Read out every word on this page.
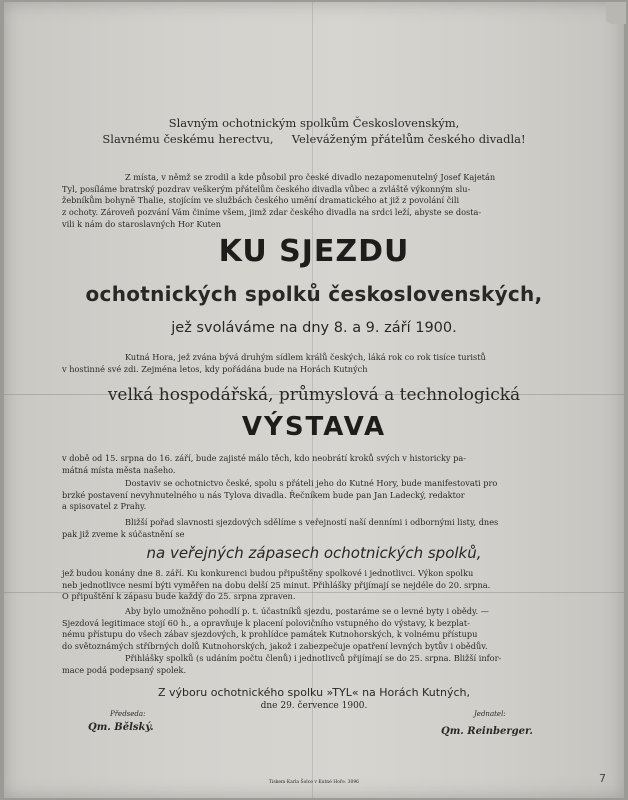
Slavným ochotnickým spolkům Československým,
Slavnému českému herectvu,     Veleváženým přátelům českého divadla!
Z místa, v němž se zrodil a kde působil pro české divadlo nezapomenutelný Josef Kajetán
Tyl, posíláme bratrský pozdrav veškerým přátelům českého divadla vůbec a zvláště výkonným slu-
žebníkům bohyně Thalie, stojícím ve službách českého umění dramatického at již z povolání čili
z ochoty. Zároveň pozvání Vám činíme všem, jimž zdar českého divadla na srdci leží, abyste se dosta-
vili k nám do staroslavných Hor Kuten
KU SJEZDU
ochotnických spolků československých,
jež svoláváme na dny 8. a 9. září 1900.
Kutná Hora, jež zvána bývá druhým sídlem králů českých, láká rok co rok tisíce turistů
v hostinné své zdi. Zejména letos, kdy pořádána bude na Horách Kutných
velká hospodářská, průmyslová a technologická
VÝSTAVA
v době od 15. srpna do 16. září, bude zajisté málo těch, kdo neobrátí kroků svých v historicky pa-
mátná místa města našeho.
Dostaviv se ochotnictvo české, spolu s přáteli jeho do Kutné Hory, bude manifestovati pro
brzké postavení nevyhnutelného u nás Tylova divadla. Řečníkem bude pan Jan Ladecký, redaktor
a spisovatel z Prahy.
Bližší pořad slavnosti sjezdových sdělíme s veřejností naší denními i odbornými listy, dnes
pak již zveme k súčastnění se
na veřejných zápasech ochotnických spolků,
jež budou konány dne 8. září. Ku konkurenci budou připuštěny spolkové i jednotlivci. Výkon spolku
neb jednotlivce nesmí býti vyměřen na dobu delší 25 minut. Přihlášky přijímají se nejdéle do 20. srpna.
O připuštění k zápasu bude každý do 25. srpna zpraven.
Aby bylo umožněno pohodlí p. t. účastníků sjezdu, postaráme se o levné byty i obědy. —
Sjezdová legitimace stojí 60 h., a opravňuje k placení polovičního vstupného do výstavy, k bezplat-
nému přístupu do všech zábav sjezdových, k prohlídce památek Kutnohorských, k volnému přístupu
do světoznámých stříbrných dolů Kutnohorských, jakož i zabezpečuje opatření levných bytův i obědův.
Přihlášky spolků (s udáním počtu členů) i jednotlivců přijímají se do 25. srpna. Bližší infor-
mace podá podepsaný spolek.
Z výboru ochotnického spolku »TYL« na Horách Kutných,
dne 29. července 1900.
Předseda:
Qm. Bělský.
Jednatel:
Qm. Reinberger.
Tiskem Karla Šolce v Kutné Hoře. 3096	7
